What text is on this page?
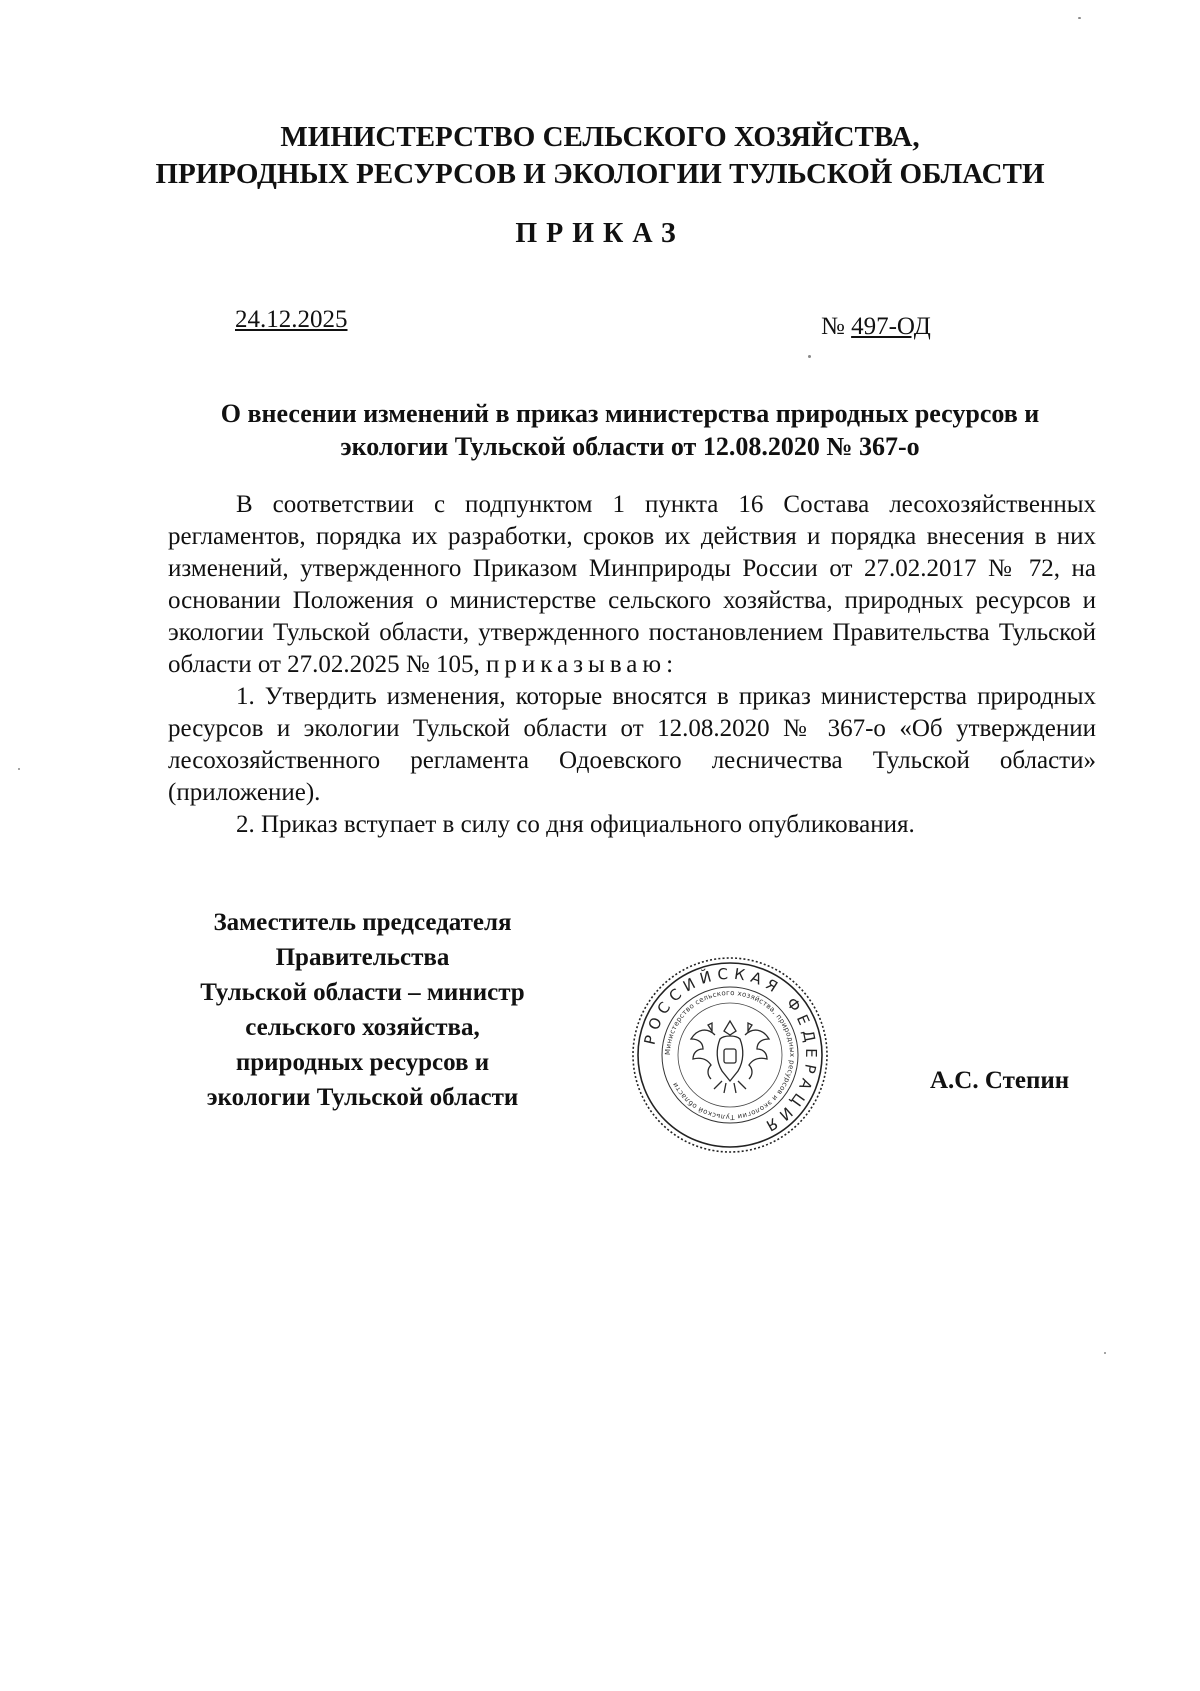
МИНИСТЕРСТВО СЕЛЬСКОГО ХОЗЯЙСТВА,
ПРИРОДНЫХ РЕСУРСОВ И ЭКОЛОГИИ ТУЛЬСКОЙ ОБЛАСТИ
ПРИКАЗ
24.12.2025	№ 497-ОД
О внесении изменений в приказ министерства природных ресурсов и
экологии Тульской области от 12.08.2020 № 367-о

В соответствии с подпунктом 1 пункта 16 Состава лесохозяйственных регламентов, порядка их разработки, сроков их действия и порядка внесения в них изменений, утвержденного Приказом Минприроды России от 27.02.2017 № 72, на основании Положения о министерстве сельского хозяйства, природных ресурсов и экологии Тульской области, утвержденного постановлением Правительства Тульской области от 27.02.2025 № 105, приказываю:

1. Утвердить изменения, которые вносятся в приказ министерства природных ресурсов и экологии Тульской области от 12.08.2020 № 367-о «Об утверждении лесохозяйственного регламента Одоевского лесничества Тульской области» (приложение).

2. Приказ вступает в силу со дня официального опубликования.

Заместитель председателя
Правительства
Тульской области – министр
сельского хозяйства,
природных ресурсов и
экологии Тульской области
РОССИЙСКАЯ ФЕДЕРАЦИЯ
Министерство сельского хозяйства, природных ресурсов и экологии Тульской области	А.С. Степин
